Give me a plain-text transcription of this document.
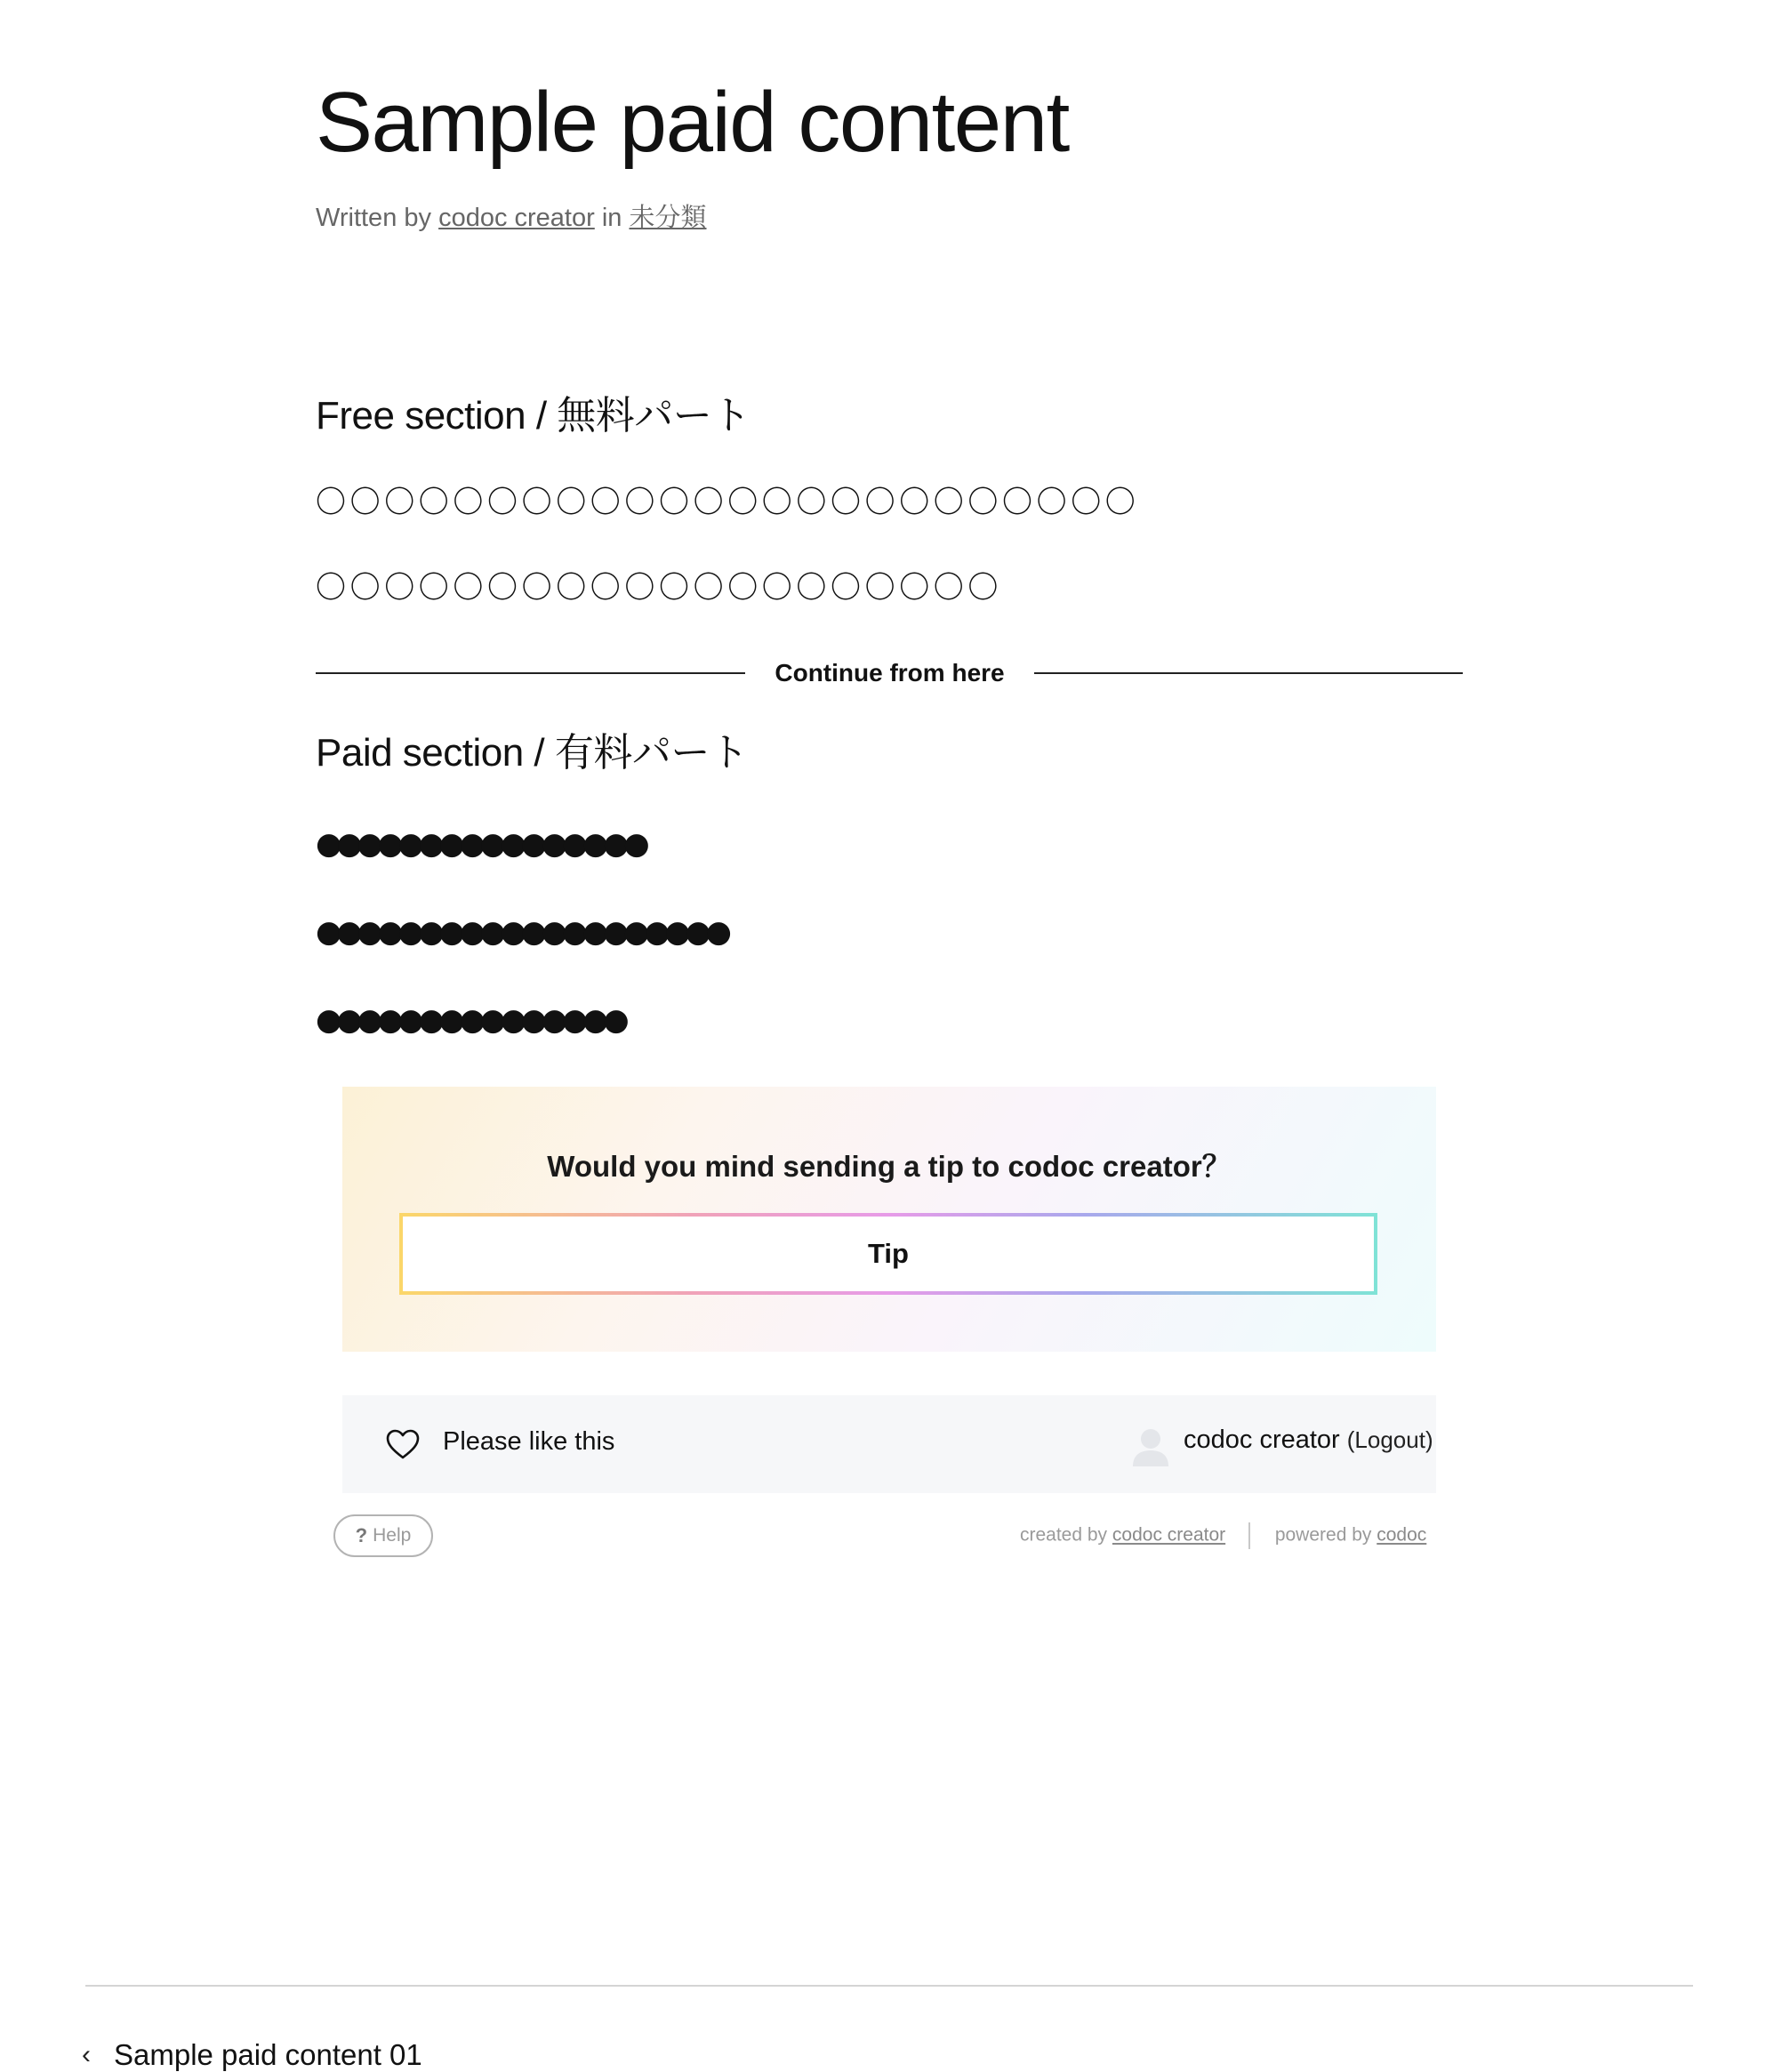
Sample paid content
Written by codoc creator in 未分類
Free section / 無料パート

〇〇〇〇〇〇〇〇〇〇〇〇〇〇〇〇〇〇〇〇〇〇〇〇

〇〇〇〇〇〇〇〇〇〇〇〇〇〇〇〇〇〇〇〇

Continue from here
Paid section / 有料パート

●●●●●●●●●●●●●●●●

●●●●●●●●●●●●●●●●●●●●

●●●●●●●●●●●●●●●

Would you mind sending a tip to codoc creator？
Tip
Please like this	codoc creator (Logout)
? Help	created by codoc creator	powered by codoc
‹ Sample paid content 01
